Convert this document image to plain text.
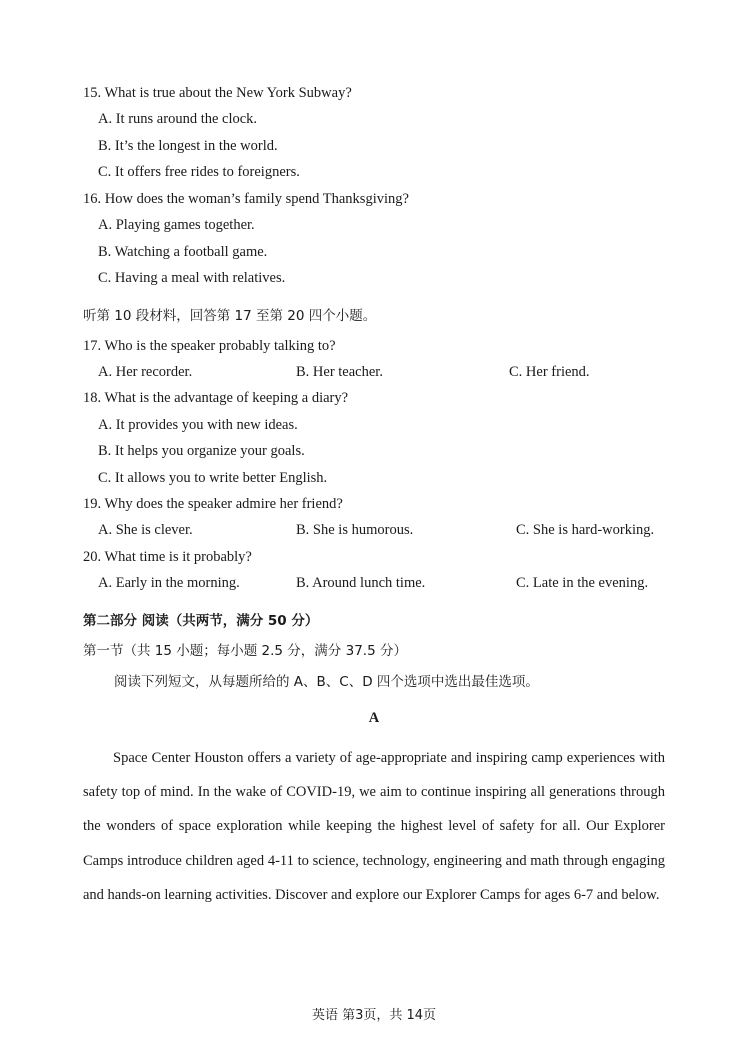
15. What is true about the New York Subway?
A. It runs around the clock.
B. It’s the longest in the world.
C. It offers free rides to foreigners.
16. How does the woman’s family spend Thanksgiving?
A. Playing games together.
B. Watching a football game.
C. Having a meal with relatives.
听第 10 段材料，回答第 17 至第 20 四个小题。
17. Who is the speaker probably talking to?
A. Her recorder.	B. Her teacher.	C. Her friend.
18. What is the advantage of keeping a diary?
A. It provides you with new ideas.
B. It helps you organize your goals.
C. It allows you to write better English.
19. Why does the speaker admire her friend?
A. She is clever.	B. She is humorous.	C. She is hard-working.
20. What time is it probably?
A. Early in the morning.	B. Around lunch time.	C. Late in the evening.
第二部分 阅读（共两节，满分 50 分）
第一节（共 15 小题；每小题 2.5 分，满分 37.5 分）
阅读下列短文，从每题所给的 A、B、C、D 四个选项中选出最佳选项。
A

Space Center Houston offers a variety of age-appropriate and inspiring camp experiences with safety top of mind. In the wake of COVID-19, we aim to continue inspiring all generations through the wonders of space exploration while keeping the highest level of safety for all. Our Explorer Camps introduce children aged 4-11 to science, technology, engineering and math through engaging and hands-on learning activities. Discover and explore our Explorer Camps for ages 6-7 and below.

英语 第3页，共 14页
